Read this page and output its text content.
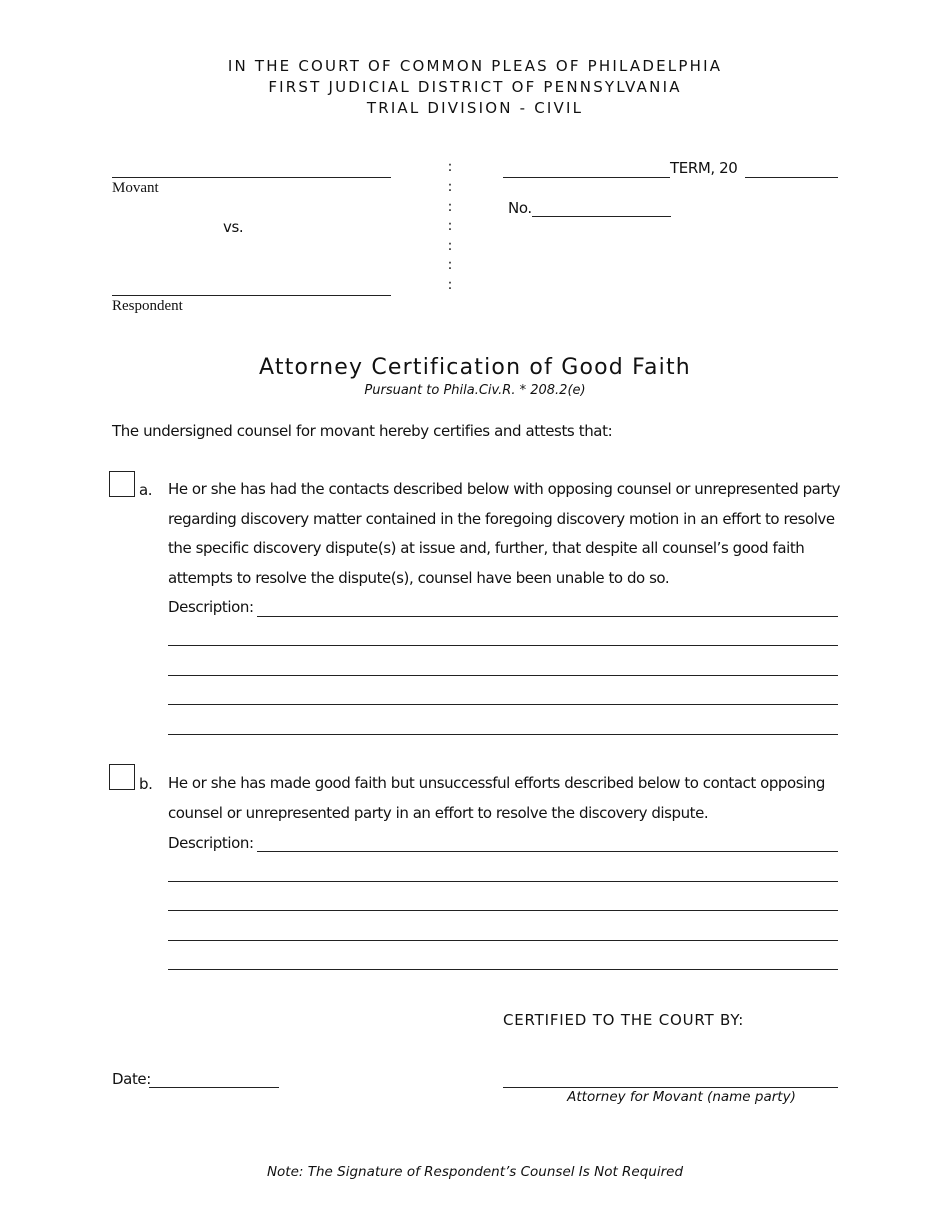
IN THE COURT OF COMMON PLEAS OF PHILADELPHIA
FIRST JUDICIAL DISTRICT OF PENNSYLVANIA
TRIAL DIVISION - CIVIL
Movant
vs.
Respondent
:
:
:
:
:
:
:
TERM, 20
No.
Attorney Certification of Good Faith
Pursuant to Phila.Civ.R. * 208.2(e)
The undersigned counsel for movant hereby certifies and attests that:
a. He or she has had the contacts described below with opposing counsel or unrepresented party regarding discovery matter contained in the foregoing discovery motion in an effort to resolve the specific discovery dispute(s) at issue and, further, that despite all counsel’s good faith attempts to resolve the dispute(s), counsel have been unable to do so.
Description:
b. He or she has made good faith but unsuccessful efforts described below to contact opposing counsel or unrepresented party in an effort to resolve the discovery dispute.
Description:
CERTIFIED TO THE COURT BY:
Date:
Attorney for Movant (name party)
Note: The Signature of Respondent’s Counsel Is Not Required
